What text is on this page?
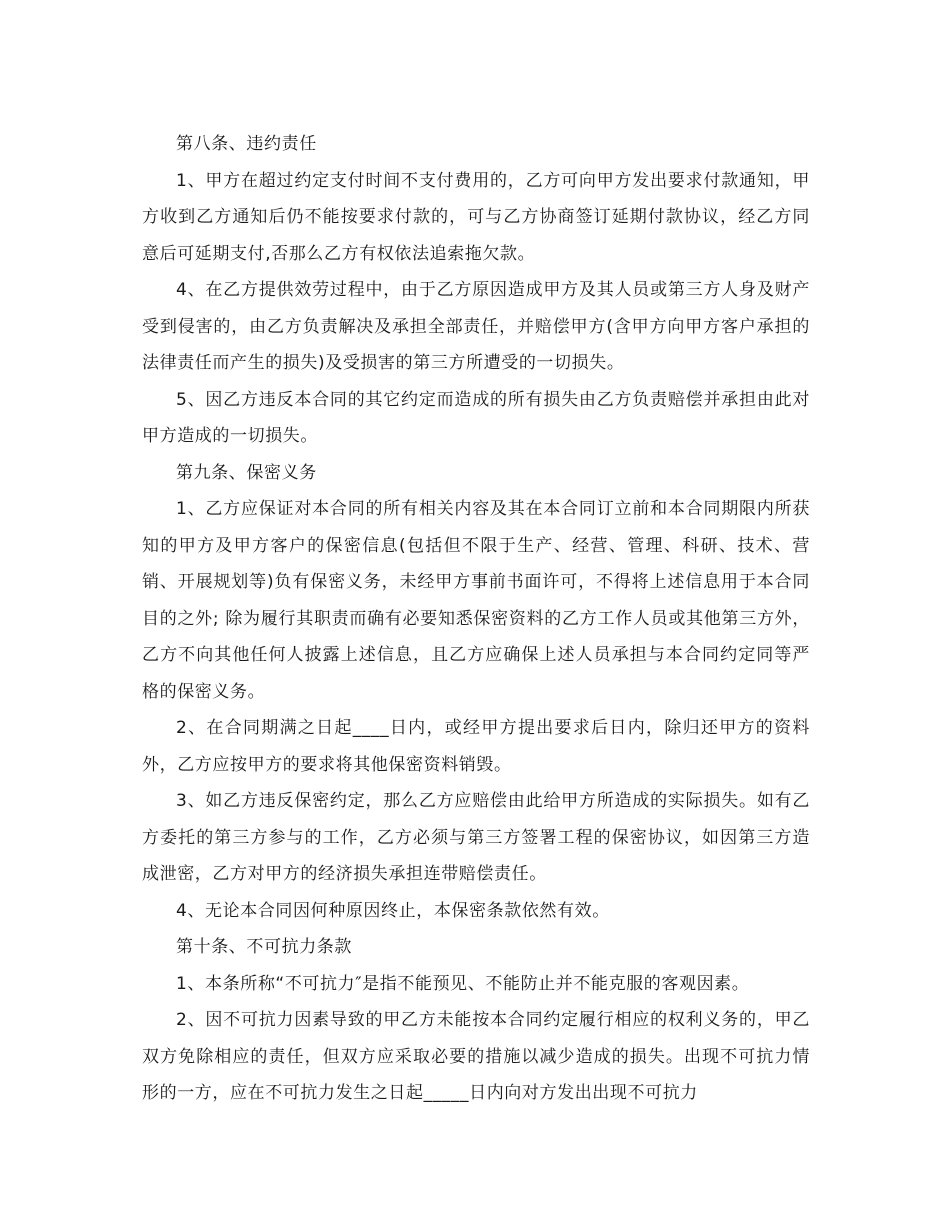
第八条、违约责任

1、甲方在超过约定支付时间不支付费用的，乙方可向甲方发出要求付款通知，甲方收到乙方通知后仍不能按要求付款的，可与乙方协商签订延期付款协议，经乙方同意后可延期支付,否那么乙方有权依法追索拖欠款。

4、在乙方提供效劳过程中，由于乙方原因造成甲方及其人员或第三方人身及财产受到侵害的，由乙方负责解决及承担全部责任，并赔偿甲方(含甲方向甲方客户承担的法律责任而产生的损失)及受损害的第三方所遭受的一切损失。

5、因乙方违反本合同的其它约定而造成的所有损失由乙方负责赔偿并承担由此对甲方造成的一切损失。

第九条、保密义务

1、乙方应保证对本合同的所有相关内容及其在本合同订立前和本合同期限内所获知的甲方及甲方客户的保密信息(包括但不限于生产、经营、管理、科研、技术、营销、开展规划等)负有保密义务，未经甲方事前书面许可，不得将上述信息用于本合同目的之外; 除为履行其职责而确有必要知悉保密资料的乙方工作人员或其他第三方外，乙方不向其他任何人披露上述信息，且乙方应确保上述人员承担与本合同约定同等严格的保密义务。

2、在合同期满之日起____日内，或经甲方提出要求后日内，除归还甲方的资料外，乙方应按甲方的要求将其他保密资料销毁。

3、如乙方违反保密约定，那么乙方应赔偿由此给甲方所造成的实际损失。如有乙方委托的第三方参与的工作，乙方必须与第三方签署工程的保密协议，如因第三方造成泄密，乙方对甲方的经济损失承担连带赔偿责任。

4、无论本合同因何种原因终止，本保密条款依然有效。

第十条、不可抗力条款

1、本条所称“不可抗力″是指不能预见、不能防止并不能克服的客观因素。

2、因不可抗力因素导致的甲乙方未能按本合同约定履行相应的权利义务的，甲乙双方免除相应的责任，但双方应采取必要的措施以减少造成的损失。出现不可抗力情形的一方，应在不可抗力发生之日起_____日内向对方发出出现不可抗力
